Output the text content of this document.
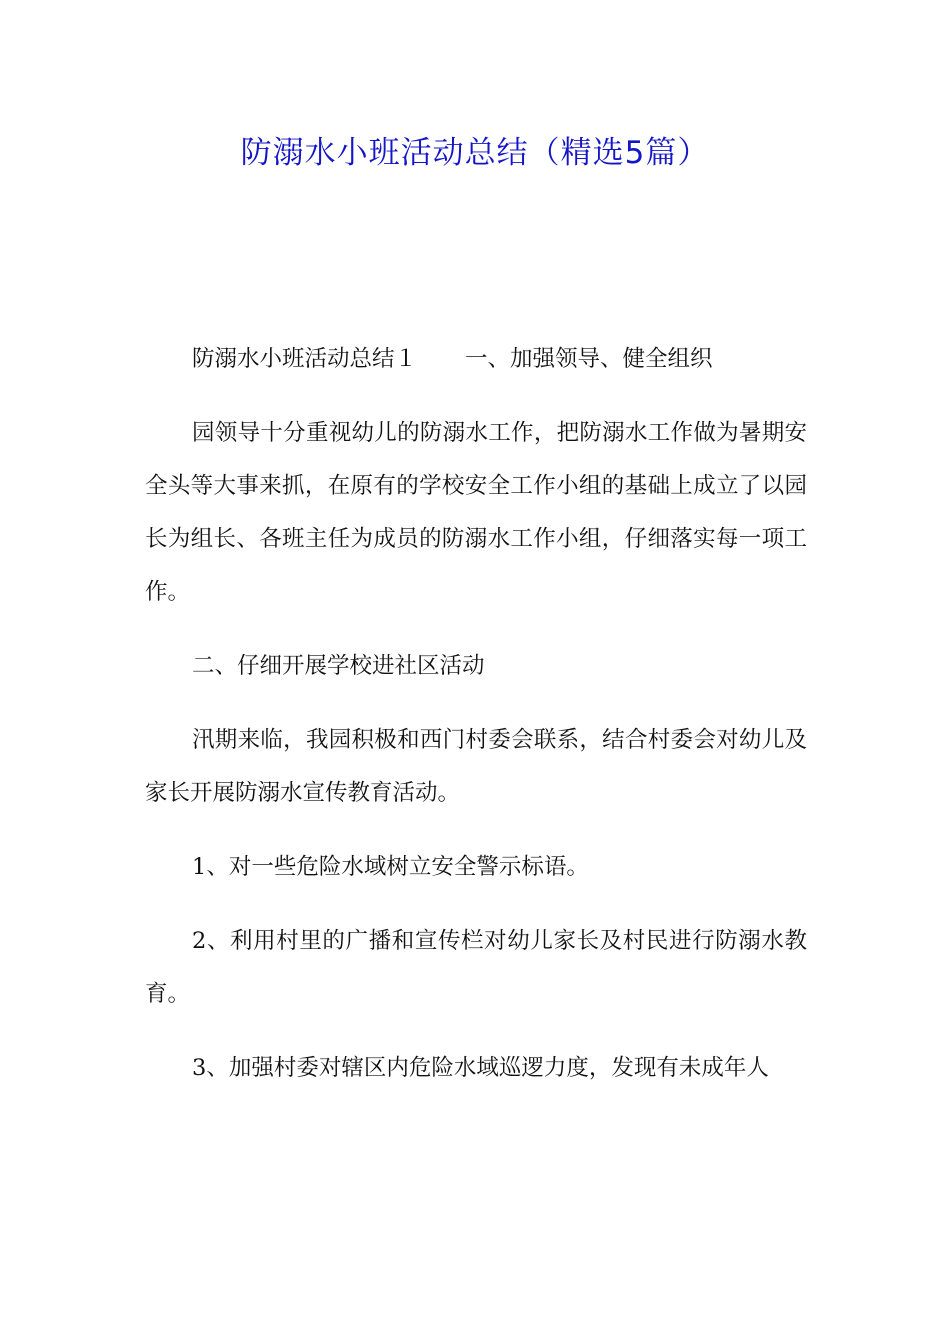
防溺水小班活动总结（精选5篇）

防溺水小班活动总结１ 一、加强领导、健全组织

园领导十分重视幼儿的防溺水工作，把防溺水工作做为暑期安全头等大事来抓，在原有的学校安全工作小组的基础上成立了以园长为组长、各班主任为成员的防溺水工作小组，仔细落实每一项工作。

二、仔细开展学校进社区活动

汛期来临，我园积极和西门村委会联系，结合村委会对幼儿及家长开展防溺水宣传教育活动。

1、对一些危险水域树立安全警示标语。

2、利用村里的广播和宣传栏对幼儿家长及村民进行防溺水教育。

3、加强村委对辖区内危险水域巡逻力度，发现有未成年人
